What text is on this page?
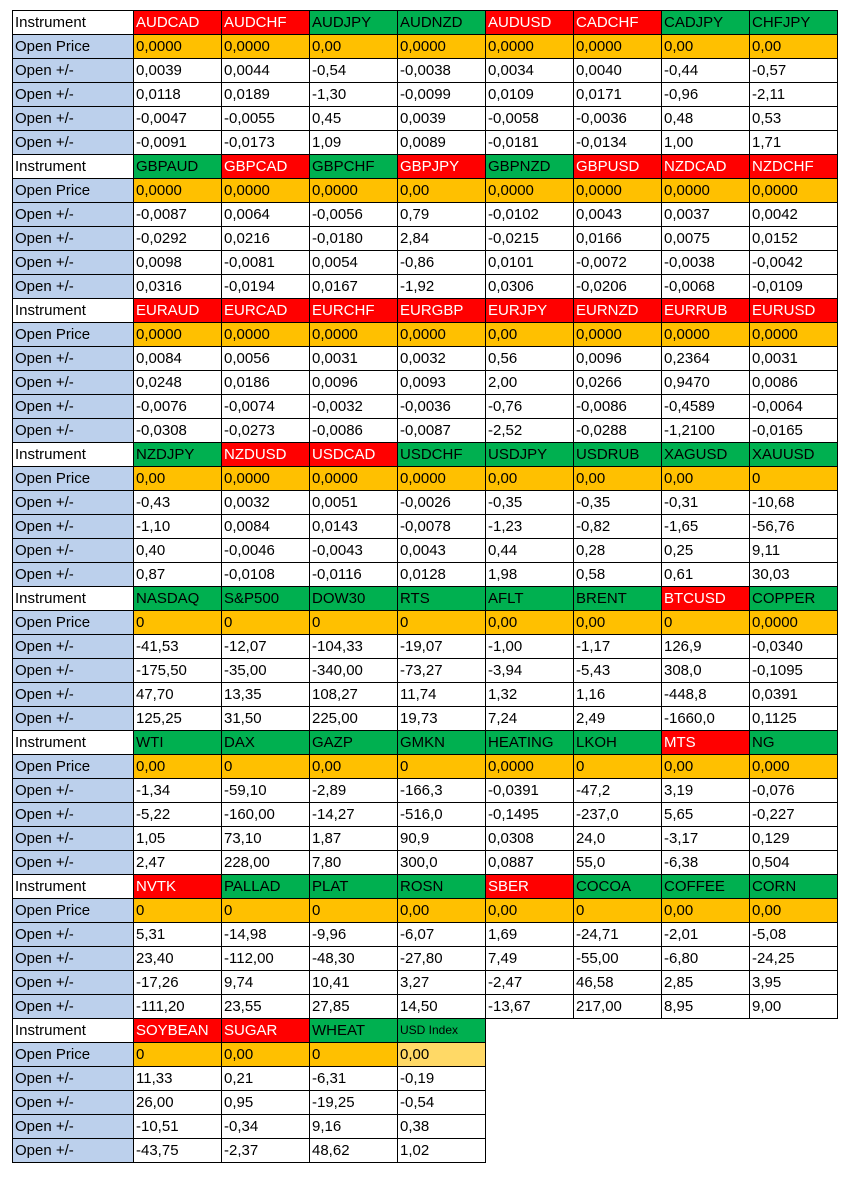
Instrument	AUDCAD	AUDCHF	AUDJPY	AUDNZD	AUDUSD	CADCHF	CADJPY	CHFJPY
Open Price	0,0000	0,0000	0,00	0,0000	0,0000	0,0000	0,00	0,00
Open +/-	0,0039	0,0044	-0,54	-0,0038	0,0034	0,0040	-0,44	-0,57
Open +/-	0,0118	0,0189	-1,30	-0,0099	0,0109	0,0171	-0,96	-2,11
Open +/-	-0,0047	-0,0055	0,45	0,0039	-0,0058	-0,0036	0,48	0,53
Open +/-	-0,0091	-0,0173	1,09	0,0089	-0,0181	-0,0134	1,00	1,71
Instrument	GBPAUD	GBPCAD	GBPCHF	GBPJPY	GBPNZD	GBPUSD	NZDCAD	NZDCHF
Open Price	0,0000	0,0000	0,0000	0,00	0,0000	0,0000	0,0000	0,0000
Open +/-	-0,0087	0,0064	-0,0056	0,79	-0,0102	0,0043	0,0037	0,0042
Open +/-	-0,0292	0,0216	-0,0180	2,84	-0,0215	0,0166	0,0075	0,0152
Open +/-	0,0098	-0,0081	0,0054	-0,86	0,0101	-0,0072	-0,0038	-0,0042
Open +/-	0,0316	-0,0194	0,0167	-1,92	0,0306	-0,0206	-0,0068	-0,0109
Instrument	EURAUD	EURCAD	EURCHF	EURGBP	EURJPY	EURNZD	EURRUB	EURUSD
Open Price	0,0000	0,0000	0,0000	0,0000	0,00	0,0000	0,0000	0,0000
Open +/-	0,0084	0,0056	0,0031	0,0032	0,56	0,0096	0,2364	0,0031
Open +/-	0,0248	0,0186	0,0096	0,0093	2,00	0,0266	0,9470	0,0086
Open +/-	-0,0076	-0,0074	-0,0032	-0,0036	-0,76	-0,0086	-0,4589	-0,0064
Open +/-	-0,0308	-0,0273	-0,0086	-0,0087	-2,52	-0,0288	-1,2100	-0,0165
Instrument	NZDJPY	NZDUSD	USDCAD	USDCHF	USDJPY	USDRUB	XAGUSD	XAUUSD
Open Price	0,00	0,0000	0,0000	0,0000	0,00	0,00	0,00	0
Open +/-	-0,43	0,0032	0,0051	-0,0026	-0,35	-0,35	-0,31	-10,68
Open +/-	-1,10	0,0084	0,0143	-0,0078	-1,23	-0,82	-1,65	-56,76
Open +/-	0,40	-0,0046	-0,0043	0,0043	0,44	0,28	0,25	9,11
Open +/-	0,87	-0,0108	-0,0116	0,0128	1,98	0,58	0,61	30,03
Instrument	NASDAQ	S&P500	DOW30	RTS	AFLT	BRENT	BTCUSD	COPPER
Open Price	0	0	0	0	0,00	0,00	0	0,0000
Open +/-	-41,53	-12,07	-104,33	-19,07	-1,00	-1,17	126,9	-0,0340
Open +/-	-175,50	-35,00	-340,00	-73,27	-3,94	-5,43	308,0	-0,1095
Open +/-	47,70	13,35	108,27	11,74	1,32	1,16	-448,8	0,0391
Open +/-	125,25	31,50	225,00	19,73	7,24	2,49	-1660,0	0,1125
Instrument	WTI	DAX	GAZP	GMKN	HEATING	LKOH	MTS	NG
Open Price	0,00	0	0,00	0	0,0000	0	0,00	0,000
Open +/-	-1,34	-59,10	-2,89	-166,3	-0,0391	-47,2	3,19	-0,076
Open +/-	-5,22	-160,00	-14,27	-516,0	-0,1495	-237,0	5,65	-0,227
Open +/-	1,05	73,10	1,87	90,9	0,0308	24,0	-3,17	0,129
Open +/-	2,47	228,00	7,80	300,0	0,0887	55,0	-6,38	0,504
Instrument	NVTK	PALLAD	PLAT	ROSN	SBER	COCOA	COFFEE	CORN
Open Price	0	0	0	0,00	0,00	0	0,00	0,00
Open +/-	5,31	-14,98	-9,96	-6,07	1,69	-24,71	-2,01	-5,08
Open +/-	23,40	-112,00	-48,30	-27,80	7,49	-55,00	-6,80	-24,25
Open +/-	-17,26	9,74	10,41	3,27	-2,47	46,58	2,85	3,95
Open +/-	-111,20	23,55	27,85	14,50	-13,67	217,00	8,95	9,00
Instrument	SOYBEAN	SUGAR	WHEAT	USD Index				
Open Price	0	0,00	0	0,00				
Open +/-	11,33	0,21	-6,31	-0,19				
Open +/-	26,00	0,95	-19,25	-0,54				
Open +/-	-10,51	-0,34	9,16	0,38				
Open +/-	-43,75	-2,37	48,62	1,02				
